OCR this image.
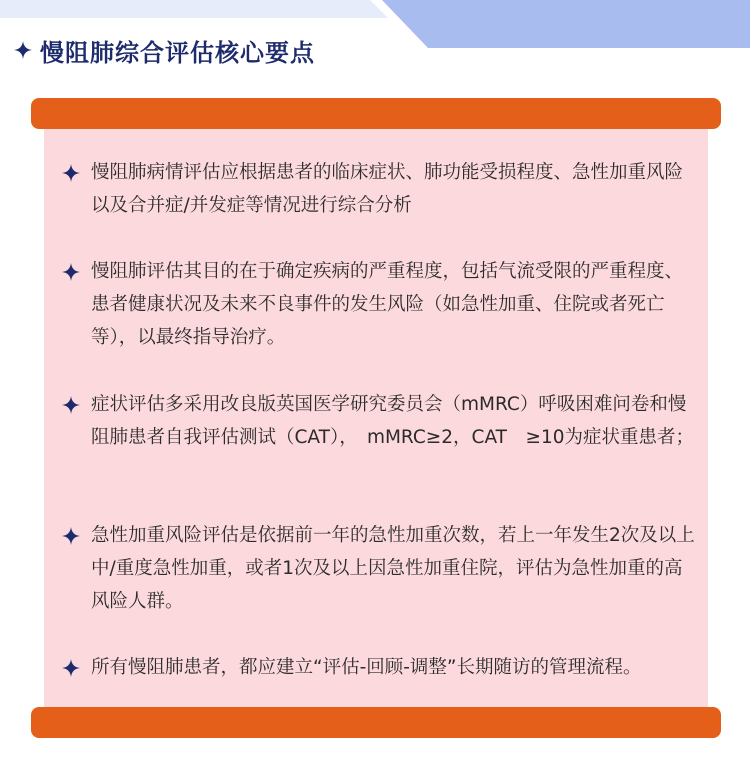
慢阻肺综合评估核心要点
慢阻肺病情评估应根据患者的临床症状、肺功能受损程度、急性加重风险以及合并症/并发症等情况进行综合分析
慢阻肺评估其目的在于确定疾病的严重程度，包括气流受限的严重程度、患者健康状况及未来不良事件的发生风险（如急性加重、住院或者死亡等），以最终指导治疗。
症状评估多采用改良版英国医学研究委员会（mMRC）呼吸困难问卷和慢阻肺患者自我评估测试（CAT），　mMRC≥2，CAT　≥10为症状重患者；
急性加重风险评估是依据前一年的急性加重次数，若上一年发生2次及以上中/重度急性加重，或者1次及以上因急性加重住院，评估为急性加重的高风险人群。
所有慢阻肺患者，都应建立“评估-回顾-调整”长期随访的管理流程。
